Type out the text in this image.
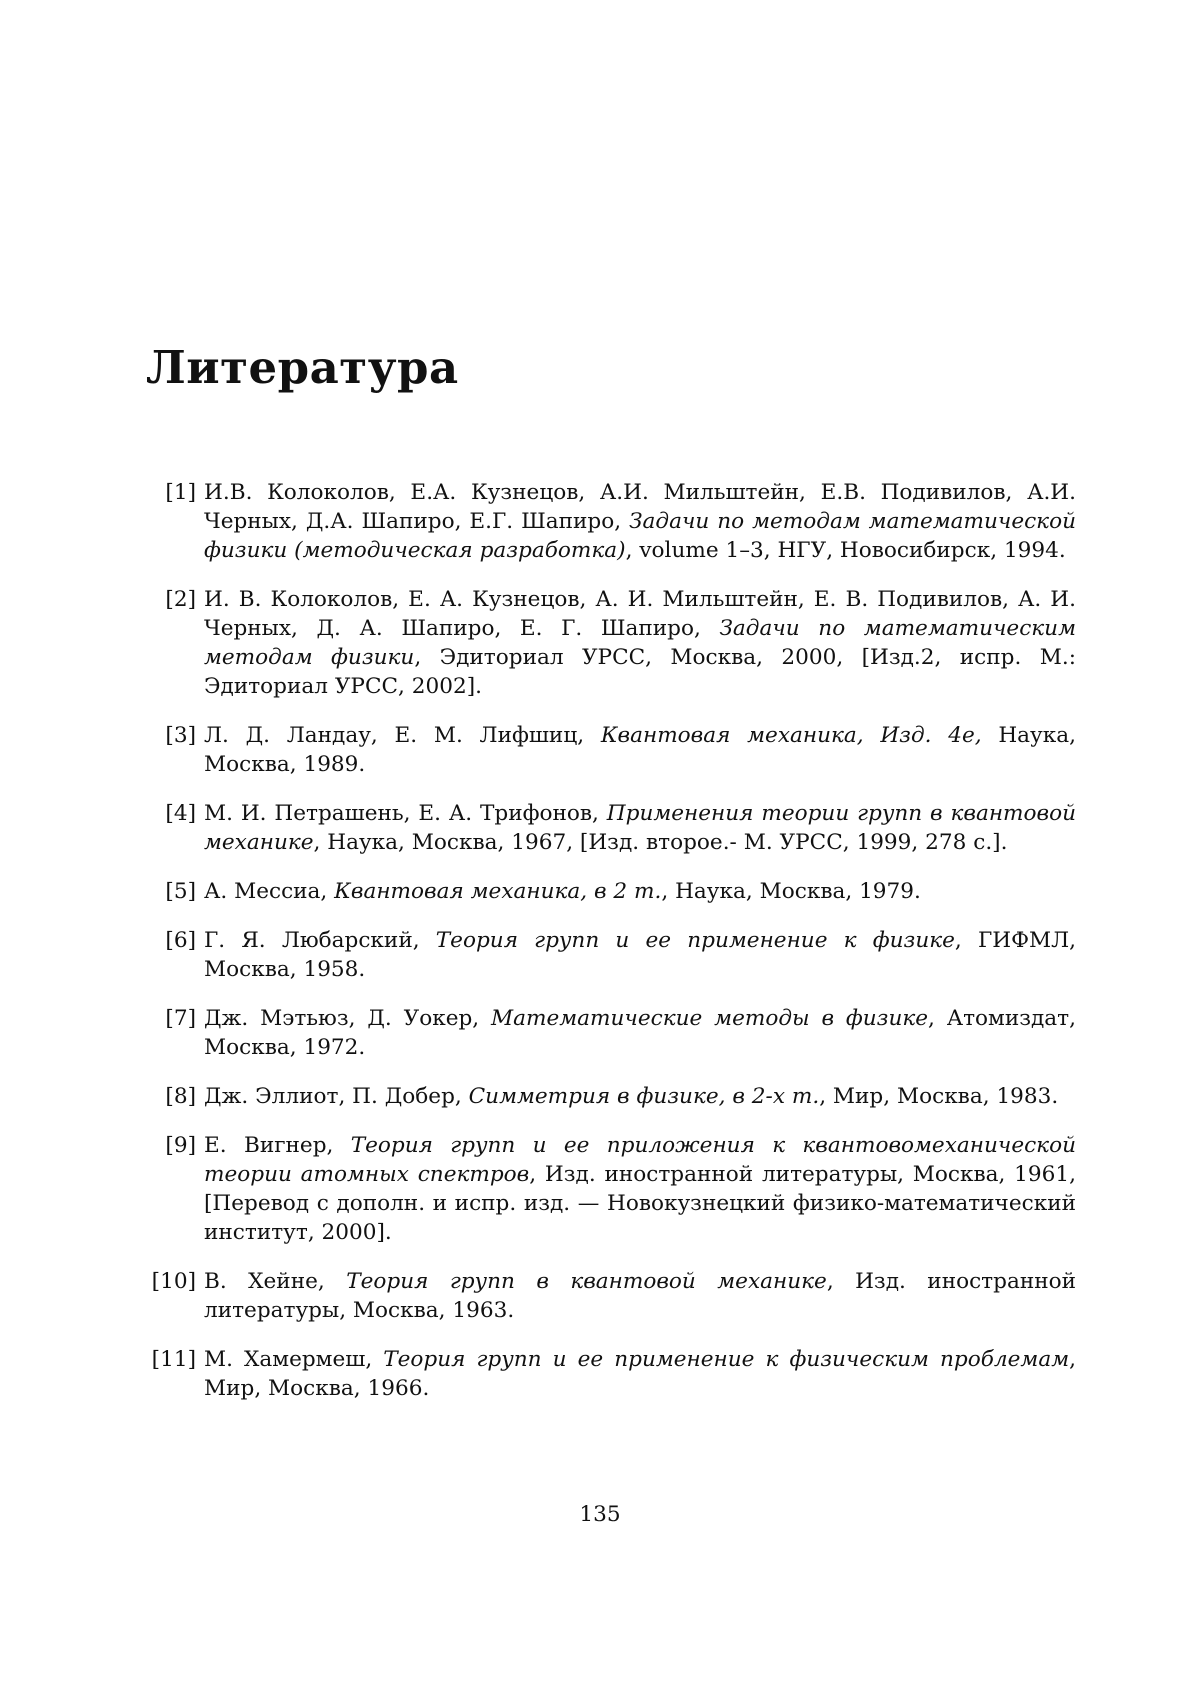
Литература
[1] И.В. Колоколов, Е.А. Кузнецов, А.И. Мильштейн, Е.В. Подивилов, А.И. Черных, Д.А. Шапиро, Е.Г. Шапиро, Задачи по методам математической физики (методическая разработка), volume 1–3, НГУ, Новосибирск, 1994.
[2] И. В. Колоколов, Е. А. Кузнецов, А. И. Мильштейн, Е. В. Подивилов, А. И. Черных, Д. А. Шапиро, Е. Г. Шапиро, Задачи по математическим методам физики, Эдиториал УРСС, Москва, 2000, [Изд.2, испр. М.: Эдиториал УРСС, 2002].
[3] Л. Д. Ландау, Е. М. Лифшиц, Квантовая механика, Изд. 4е, Наука, Москва, 1989.
[4] М. И. Петрашень, Е. А. Трифонов, Применения теории групп в квантовой механике, Наука, Москва, 1967, [Изд. второе.- М. УРСС, 1999, 278 с.].
[5] А. Мессиа, Квантовая механика, в 2 т., Наука, Москва, 1979.
[6] Г. Я. Любарский, Теория групп и ее применение к физике, ГИФМЛ, Москва, 1958.
[7] Дж. Мэтьюз, Д. Уокер, Математические методы в физике, Атомиздат, Москва, 1972.
[8] Дж. Эллиот, П. Добер, Симметрия в физике, в 2-х т., Мир, Москва, 1983.
[9] Е. Вигнер, Теория групп и ее приложения к квантовомеханической теории атомных спектров, Изд. иностранной литературы, Москва, 1961, [Перевод с дополн. и испр. изд. — Новокузнецкий физико-математический институт, 2000].
[10] В. Хейне, Теория групп в квантовой механике, Изд. иностранной литературы, Москва, 1963.
[11] М. Хамермеш, Теория групп и ее применение к физическим проблемам, Мир, Москва, 1966.
135
